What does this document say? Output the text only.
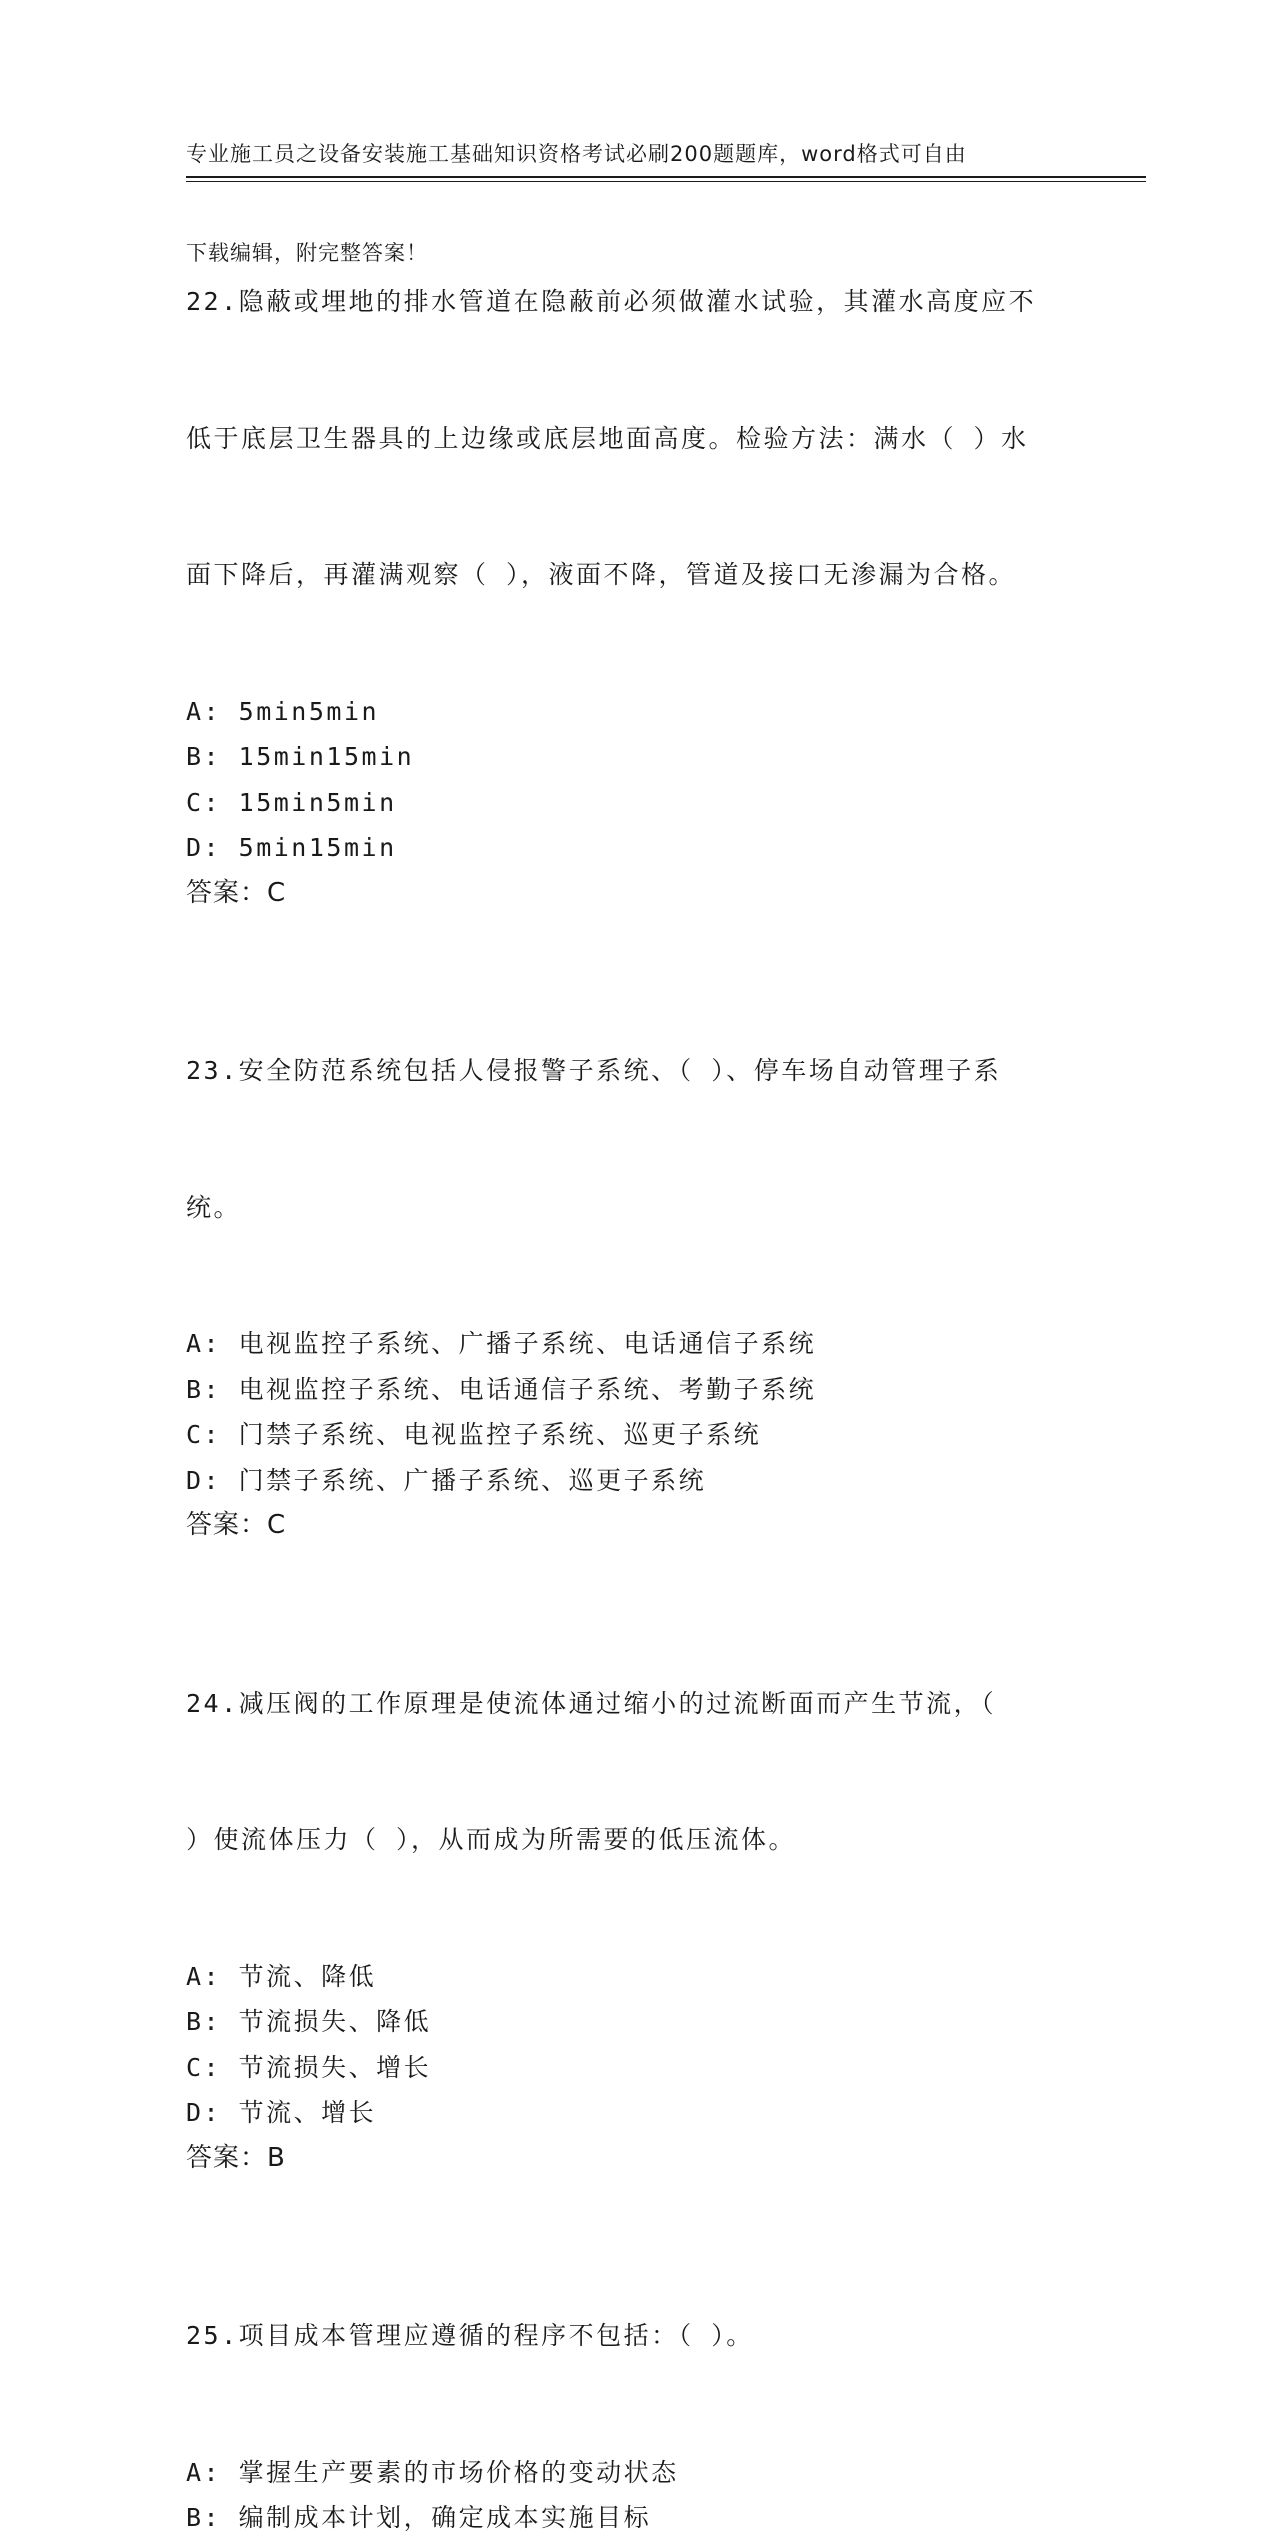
专业施工员之设备安装施工基础知识资格考试必刷200题题库，word格式可自由

下载编辑，附完整答案！

22.隐蔽或埋地的排水管道在隐蔽前必须做灌水试验，其灌水高度应不

低于底层卫生器具的上边缘或底层地面高度。检验方法：满水（ ）水

面下降后，再灌满观察（ ），液面不降，管道及接口无渗漏为合格。

A: 5min5min
B: 15min15min
C: 15min5min
D: 5min15min
答案：C

23.安全防范系统包括人侵报警子系统、（ ）、停车场自动管理子系

统。

A: 电视监控子系统、广播子系统、电话通信子系统
B: 电视监控子系统、电话通信子系统、考勤子系统
C: 门禁子系统、电视监控子系统、巡更子系统
D: 门禁子系统、广播子系统、巡更子系统
答案：C

24.减压阀的工作原理是使流体通过缩小的过流断面而产生节流，（

）使流体压力（ ），从而成为所需要的低压流体。

A: 节流、降低
B: 节流损失、降低
C: 节流损失、增长
D: 节流、增长
答案：B

25.项目成本管理应遵循的程序不包括：（ ）。

A: 掌握生产要素的市场价格的变动状态
B: 编制成本计划，确定成本实施目标
